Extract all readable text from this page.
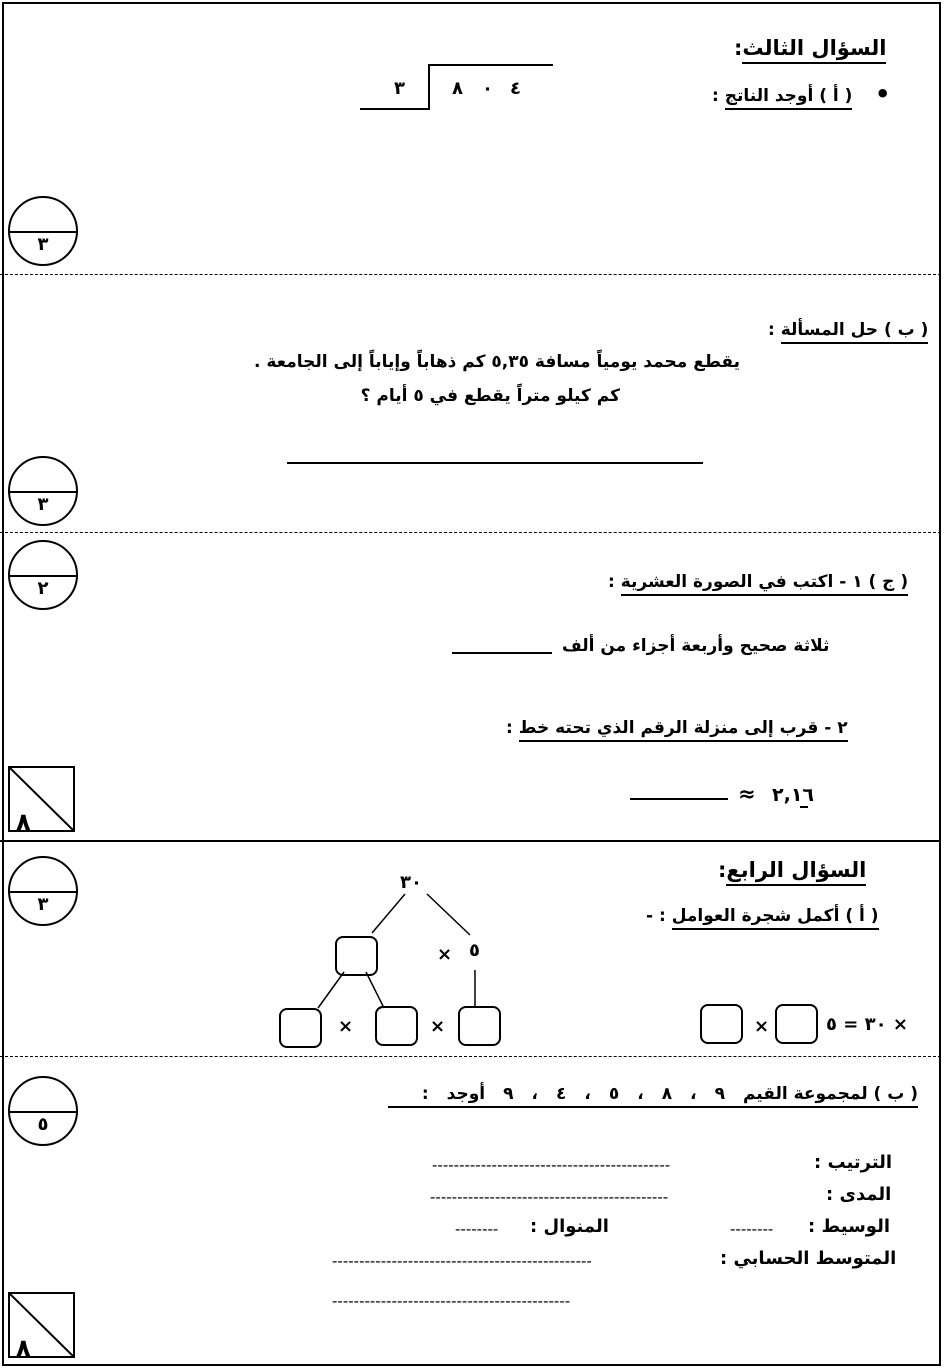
السؤال الثالث:
( أ ) أوجد الناتج :	•
٣	٨ ٠ ٤
٣
( ب ) حل المسألة :
يقطع محمد يومياً مسافة ٥,٣٥ كم ذهاباً وإياباً إلى الجامعة .
كم كيلو متراً يقطع في ٥ أيام ؟
٣
٢	( ج ) ١ - اكتب في الصورة العشرية :
ثلاثة صحيح وأربعة أجزاء من ألف
٢ - قرب إلى منزلة الرقم الذي تحته خط :
٢,١٦
≈
٨
٣
السؤال الرابع:
( أ ) أكمل شجرة العوامل : -
٣٠
× ٥
×	×	×	٣٠ = ٥ ×
٥
( ب ) لمجموعة القيم
٩
،
٨
،
٥
،
٤
،
٩
أوجد
:
الترتيب :
--------------------------------------------
المدى :
--------------------------------------------
الوسيط :
--------
المنوال :
--------
المتوسط الحسابي :
------------------------------------------------
--------------------------------------------
٨
